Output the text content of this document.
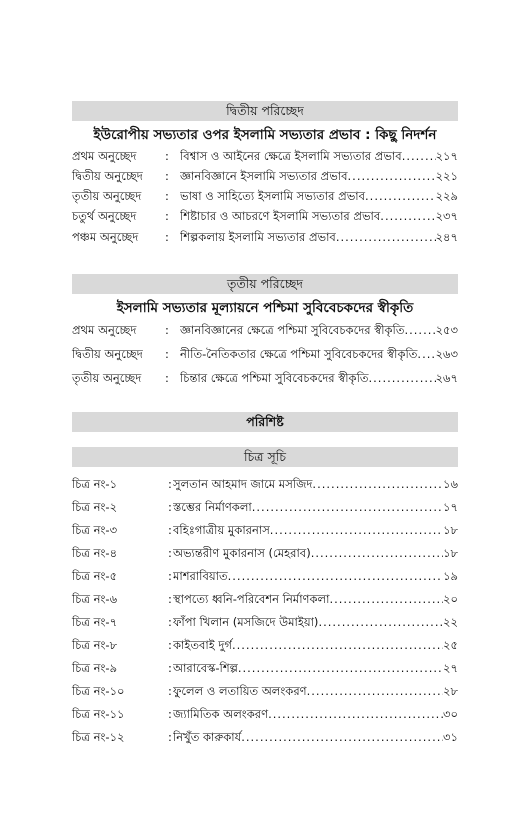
দ্বিতীয় পরিচ্ছেদ
ইউরোপীয় সভ্যতার ওপর ইসলামি সভ্যতার প্রভাব : কিছু নিদর্শন
প্রথম অনুচ্ছেদ : বিশ্বাস ও আইনের ক্ষেত্রে ইসলামি সভ্যতার প্রভাব .....	২১৭
দ্বিতীয় অনুচ্ছেদ : জ্ঞানবিজ্ঞানে ইসলামি সভ্যতার প্রভাব .....	২২১
তৃতীয় অনুচ্ছেদ : ভাষা ও সাহিত্যে ইসলামি সভ্যতার প্রভাব .....	২২৯
চতুর্থ অনুচ্ছেদ : শিষ্টাচার ও আচরণে ইসলামি সভ্যতার প্রভাব .....	২৩৭
পঞ্চম অনুচ্ছেদ : শিল্পকলায় ইসলামি সভ্যতার প্রভাব .....	২৪৭
তৃতীয় পরিচ্ছেদ
ইসলামি সভ্যতার মূল্যায়নে পশ্চিমা সুবিবেচকদের স্বীকৃতি
প্রথম অনুচ্ছেদ : জ্ঞানবিজ্ঞানের ক্ষেত্রে পশ্চিমা সুবিবেচকদের স্বীকৃতি .....	২৫৩
দ্বিতীয় অনুচ্ছেদ : নীতি-নৈতিকতার ক্ষেত্রে পশ্চিমা সুবিবেচকদের স্বীকৃতি ..... ২৬৩
তৃতীয় অনুচ্ছেদ : চিন্তার ক্ষেত্রে পশ্চিমা সুবিবেচকদের স্বীকৃতি .....	২৬৭
পরিশিষ্ট
চিত্র সূচি
চিত্র নং-১	: সুলতান আহমাদ জামে মসজিদ .....	১৬
চিত্র নং-২	: স্তম্ভের নির্মাণকলা .....	১৭
চিত্র নং-৩	: বহিঃগাত্রীয় মুকারনাস .....	১৮
চিত্র নং-৪	: অভ্যন্তরীণ মুকারনাস (মেহরাব) .....	১৮
চিত্র নং-৫	: মাশরাবিয়াত .....	১৯
চিত্র নং-৬	: স্থাপত্যে ধ্বনি-পরিবেশন নির্মাণকলা .....	২০
চিত্র নং-৭	: ফাঁপা খিলান (মসজিদে উমাইয়া) .....	২২
চিত্র নং-৮	: কাইতবাই দুর্গ .....	২৫
চিত্র নং-৯	: আরাবেস্ক-শিল্প .....	২৭
চিত্র নং-১০	: ফুলেল ও লতায়িত অলংকরণ .....	২৮
চিত্র নং-১১	: জ্যামিতিক অলংকরণ .....	৩০
চিত্র নং-১২	: নিখুঁত কারুকার্য .....	৩১
